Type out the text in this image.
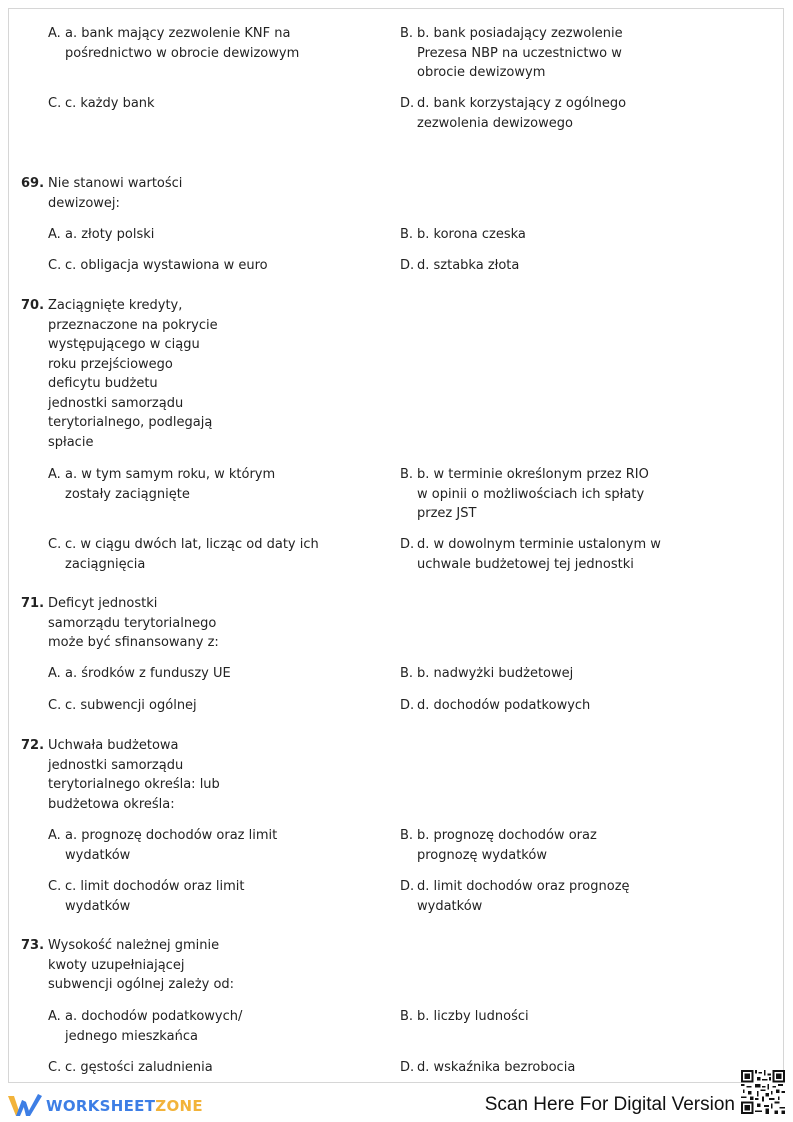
A. a. bank mający zezwolenie KNF na pośrednictwo w obrocie dewizowym
B. b. bank posiadający zezwolenie Prezesa NBP na uczestnictwo w obrocie dewizowym
C. c. każdy bank	D. d. bank korzystający z ogólnego zezwolenia dewizowego
69. Nie stanowi wartości dewizowej:
A. a. złoty polski	B. b. korona czeska
C. c. obligacja wystawiona w euro	D. d. sztabka złota
70. Zaciągnięte kredyty, przeznaczone na pokrycie występującego w ciągu roku przejściowego deficytu budżetu jednostki samorządu terytorialnego, podlegają spłacie
A. a. w tym samym roku, w którym zostały zaciągnięte
B. b. w terminie określonym przez RIO w opinii o możliwościach ich spłaty przez JST
C. c. w ciągu dwóch lat, licząc od daty ich zaciągnięcia
D. d. w dowolnym terminie ustalonym w uchwale budżetowej tej jednostki
71. Deficyt jednostki samorządu terytorialnego może być sfinansowany z:
A. a. środków z funduszy UE	B. b. nadwyżki budżetowej
C. c. subwencji ogólnej	D. d. dochodów podatkowych
72. Uchwała budżetowa jednostki samorządu terytorialnego określa: lub budżetowa określa:
A. a. prognozę dochodów oraz limit wydatków
B. b. prognozę dochodów oraz prognozę wydatków
C. c. limit dochodów oraz limit wydatków
D. d. limit dochodów oraz prognozę wydatków
73. Wysokość należnej gminie kwoty uzupełniającej subwencji ogólnej zależy od:
A. a. dochodów podatkowych/ jednego mieszkańca
B. b. liczby ludności
C. c. gęstości zaludnienia	D. d. wskaźnika bezrobocia
WORKSHEETZONE	Scan Here For Digital Version
